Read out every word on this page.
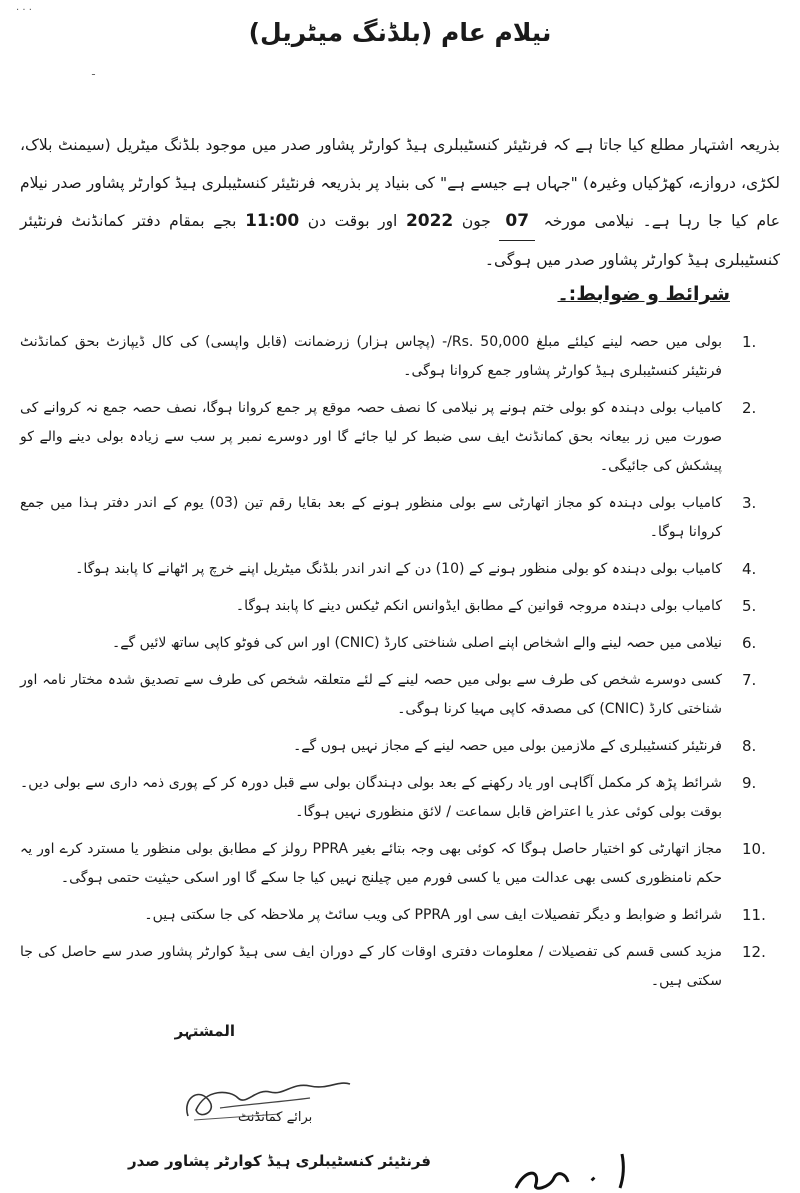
· · ·
ـ
نیلام عام (بلڈنگ میٹریل)

بذریعہ اشتہار مطلع کیا جاتا ہے کہ فرنٹیئر کنسٹیبلری ہیڈ کوارٹر پشاور صدر میں موجود بلڈنگ میٹریل (سیمنٹ بلاک، لکڑی، دروازے، کھڑکیاں وغیرہ) "جہاں ہے جیسے ہے" کی بنیاد پر بذریعہ فرنٹیئر کنسٹیبلری ہیڈ کوارٹر پشاور صدر نیلام عام کیا جا رہا ہے۔ نیلامی مورخہ 07 جون 2022 اور بوقت دن 11:00 بجے بمقام دفتر کمانڈنٹ فرنٹیئر کنسٹیبلری ہیڈ کوارٹر پشاور صدر میں ہوگی۔

شرائط و ضوابط:۔
1.
بولی میں حصہ لینے کیلئے مبلغ Rs. 50,000/- (پچاس ہزار) زرضمانت (قابل واپسی) کی کال ڈیپازٹ بحق کمانڈنٹ فرنٹیئر کنسٹیبلری ہیڈ کوارٹر پشاور جمع کروانا ہوگی۔
2.
کامیاب بولی دہندہ کو بولی ختم ہونے پر نیلامی کا نصف حصہ موقع پر جمع کروانا ہوگا، نصف حصہ جمع نہ کروانے کی صورت میں زر بیعانہ بحق کمانڈنٹ ایف سی ضبط کر لیا جائے گا اور دوسرے نمبر پر سب سے زیادہ بولی دینے والے کو پیشکش کی جائیگی۔
3.
کامیاب بولی دہندہ کو مجاز اتھارٹی سے بولی منظور ہونے کے بعد بقایا رقم تین (03) یوم کے اندر دفتر ہذا میں جمع کروانا ہوگا۔
4.
کامیاب بولی دہندہ کو بولی منظور ہونے کے (10) دن کے اندر اندر بلڈنگ میٹریل اپنے خرچ پر اٹھانے کا پابند ہوگا۔
5.
کامیاب بولی دہندہ مروجہ قوانین کے مطابق ایڈوانس انکم ٹیکس دینے کا پابند ہوگا۔
6.
نیلامی میں حصہ لینے والے اشخاص اپنے اصلی شناختی کارڈ (CNIC) اور اس کی فوٹو کاپی ساتھ لائیں گے۔
7.
کسی دوسرے شخص کی طرف سے بولی میں حصہ لینے کے لئے متعلقہ شخص کی طرف سے تصدیق شدہ مختار نامہ اور شناختی کارڈ (CNIC) کی مصدقہ کاپی مہیا کرنا ہوگی۔
8.
فرنٹیئر کنسٹیبلری کے ملازمین بولی میں حصہ لینے کے مجاز نہیں ہوں گے۔
9.
شرائط پڑھ کر مکمل آگاہی اور یاد رکھنے کے بعد بولی دہندگان بولی سے قبل دورہ کر کے پوری ذمہ داری سے بولی دیں۔ بوقت بولی کوئی عذر یا اعتراض قابل سماعت / لائق منظوری نہیں ہوگا۔
10.
مجاز اتھارٹی کو اختیار حاصل ہوگا کہ کوئی بھی وجہ بتائے بغیر PPRA رولز کے مطابق بولی منظور یا مسترد کرے اور یہ حکم نامنظوری کسی بھی عدالت میں یا کسی فورم میں چیلنج نہیں کیا جا سکے گا اور اسکی حیثیت حتمی ہوگی۔
11.
شرائط و ضوابط و دیگر تفصیلات ایف سی اور PPRA کی ویب سائٹ پر ملاحظہ کی جا سکتی ہیں۔
12.
مزید کسی قسم کی تفصیلات / معلومات دفتری اوقات کار کے دوران ایف سی ہیڈ کوارٹر پشاور صدر سے حاصل کی جا سکتی ہیں۔
المشتہر
برائے کمانڈنٹ
فرنٹیئر کنسٹیبلری ہیڈ کوارٹر پشاور صدر
